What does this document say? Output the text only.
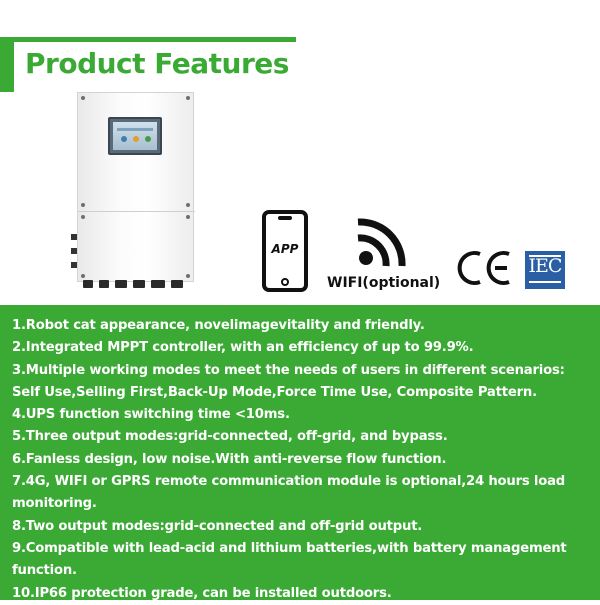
Product Features
APP
WIFI(optional)
IEC
1.Robot cat appearance, novelimagevitality and friendly.
2.Integrated MPPT controller, with an efficiency of up to 99.9%.
3.Multiple working modes to meet the needs of users in different scenarios: Self Use,Selling First,Back-Up Mode,Force Time Use, Composite Pattern.
4.UPS function switching time <10ms.
5.Three output modes:grid-connected, off-grid, and bypass.
6.Fanless design, low noise.With anti-reverse flow function.
7.4G, WIFI or GPRS remote communication module is optional,24 hours load monitoring.
8.Two output modes:grid-connected and off-grid output.
9.Compatible with lead-acid and lithium batteries,with battery management function.
10.IP66 protection grade, can be installed outdoors.
